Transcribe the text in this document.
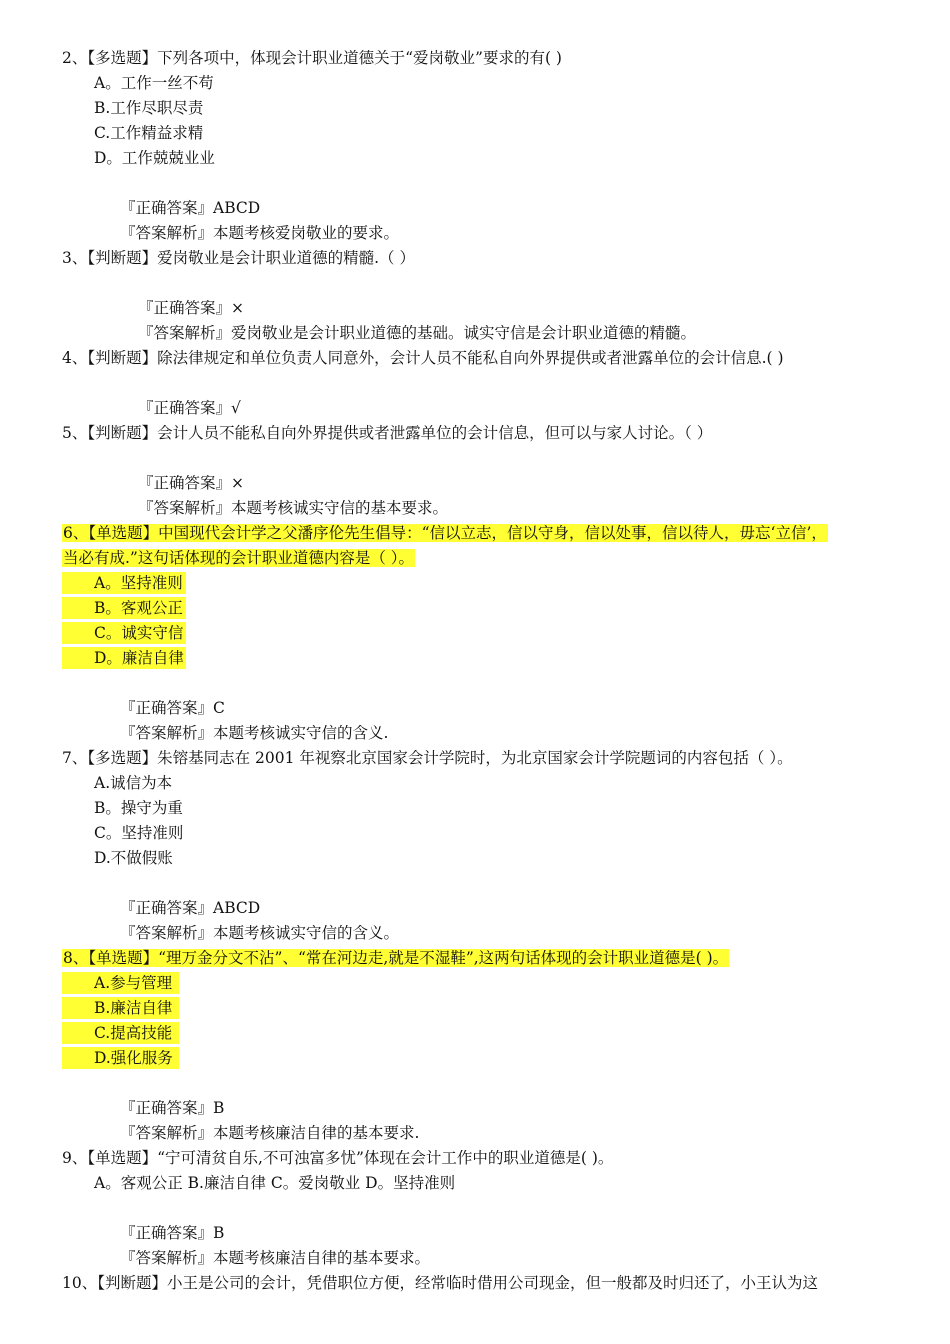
2、【多选题】下列各项中，体现会计职业道德关于“爱岗敬业”要求的有( )
A。工作一丝不苟
B.工作尽职尽责
C.工作精益求精
D。工作兢兢业业
『正确答案』ABCD
『答案解析』本题考核爱岗敬业的要求。
3、【判断题】爱岗敬业是会计职业道德的精髓.（ ）
『正确答案』×
『答案解析』爱岗敬业是会计职业道德的基础。诚实守信是会计职业道德的精髓。
4、【判断题】除法律规定和单位负责人同意外，会计人员不能私自向外界提供或者泄露单位的会计信息.( )
『正确答案』√
5、【判断题】会计人员不能私自向外界提供或者泄露单位的会计信息，但可以与家人讨论。（ ）
『正确答案』×
『答案解析』本题考核诚实守信的基本要求。
6、【单选题】中国现代会计学之父潘序伦先生倡导：“信以立志，信以守身，信以处事，信以待人，毋忘‘立信’，
当必有成.”这句话体现的会计职业道德内容是（ ）。
A。坚持准则
B。客观公正
C。诚实守信
D。廉洁自律
『正确答案』C
『答案解析』本题考核诚实守信的含义.
7、【多选题】朱镕基同志在 2001 年视察北京国家会计学院时，为北京国家会计学院题词的内容包括（ ）。
A.诚信为本
B。操守为重
C。坚持准则
D.不做假账
『正确答案』ABCD
『答案解析』本题考核诚实守信的含义。
8、【单选题】“理万金分文不沾”、“常在河边走,就是不湿鞋”,这两句话体现的会计职业道德是( )。
A.参与管理
B.廉洁自律
C.提高技能
D.强化服务
『正确答案』B
『答案解析』本题考核廉洁自律的基本要求.
9、【单选题】“宁可清贫自乐,不可浊富多忧”体现在会计工作中的职业道德是( )。
A。客观公正 B.廉洁自律 C。爱岗敬业 D。坚持准则
『正确答案』B
『答案解析』本题考核廉洁自律的基本要求。
10、【判断题】小王是公司的会计，凭借职位方便，经常临时借用公司现金，但一般都及时归还了，小王认为这
